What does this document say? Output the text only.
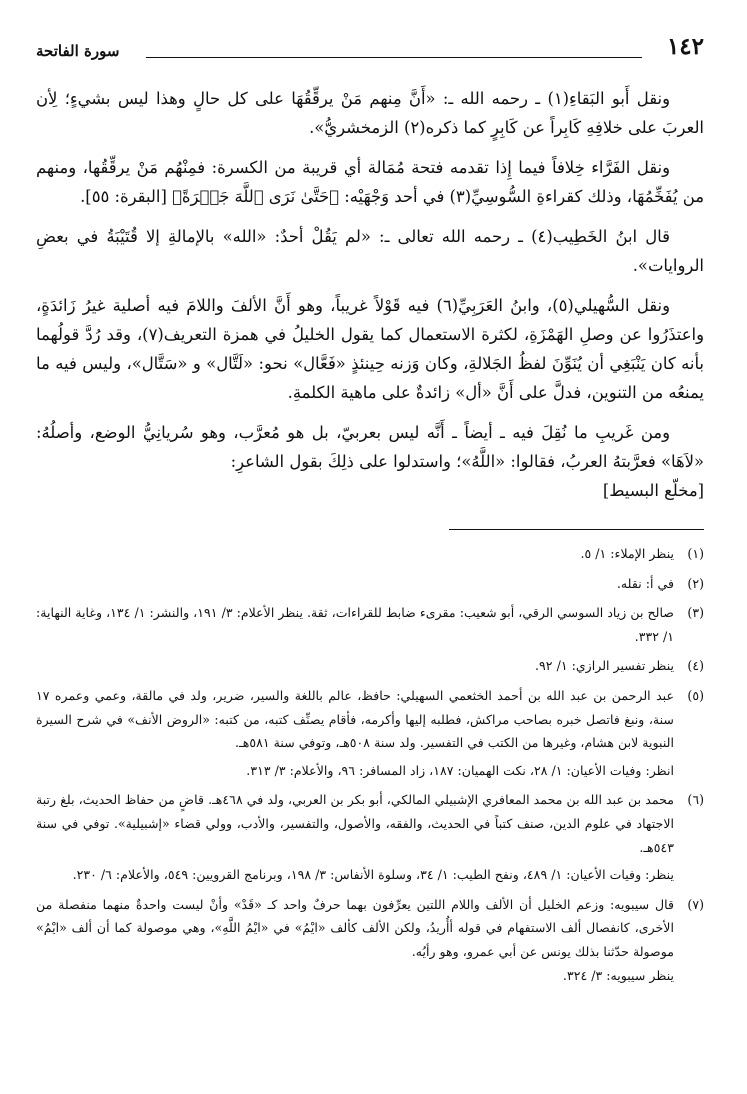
١٤٢
سورة الفاتحة

ونقل أَبو البَقاءِ(١) ـ رحمه الله ـ: «أَنَّ مِنهم مَنْ يرقِّقُهَا على كل حالٍ وهذا ليس بشيءٍ؛ لِأن العربَ على خلافِهِ كَابِراً عن كَابِرٍ كما ذكره(٢) الزمخشريُّ».

ونقل الفَرَّاء خِلافاً فيما إِذا تقدمه فتحة مُمَالة أي قريبة من الكسرة: فمِنْهُم مَنْ يرقِّقُها، ومنهم من يُفَخِّمُهَا، وذلك كقراءةِ السُّوسِيِّ(٣) في أحد وَجْهَيْه: ﴿حَتَّىٰ نَرَى ٱللَّهَ جَهۡرَةً﴾ [البقرة: ٥٥].

قال ابنُ الخَطِيب(٤) ـ رحمه الله تعالى ـ: «لم يَقُلْ أحدٌ: «الله» بالإمالةِ إلا قُتَيْبَةُ في بعضِ الروايات».

ونقل السُّهيلي(٥)، وابنُ العَرَبِيِّ(٦) فيه قَوْلاً غريباً، وهو أَنَّ الألفَ واللامَ فيه أصلية غيرُ زَائدَةٍ، واعتذَرُوا عن وصلِ الهَمْزَةِ، لكثرة الاستعمال كما يقول الخليلُ في همزة التعريف(٧)، وقد رُدَّ قولُهما بأنه كان يَنْبَغِي أن يُنَوِّنَ لفظُ الجَلالةِ، وكان وَزنه حِينئذٍ «فَعَّال» نحو: «لَتَّال» و «سَتَّال»، وليس فيه ما يمنعُه من التنوين، فدلَّ على أَنَّ «أل» زائدةٌ على ماهية الكلمةِ.

ومن غَريبِ ما نُقِلَ فيه ـ أيضاً ـ أَنَّه ليس بعربيّ، بل هو مُعرَّب، وهو سُريانِيُّ الوضع، وأصلُهُ: «لاَهَا» فعرَّبتهُ العربُ، فقالوا: «اللَّهُ»؛ واستدلوا على ذلِكَ بقول الشاعرِ:

[مخلّع البسيط]

(١)

ينظر الإملاء: ١/ ٥.

(٢)

في أ: نقله.

(٣)

صالح بن زياد السوسي الرقي، أبو شعيب: مقرىء ضابط للقراءات، ثقة. ينظر الأعلام: ٣/ ١٩١، والنشر: ١/ ١٣٤، وغاية النهاية: ١/ ٣٣٢.

(٤)

ينظر تفسير الرازي: ١/ ٩٢.

(٥)

عبد الرحمن بن عبد الله بن أحمد الخثعمي السهيلي: حافظ، عالم باللغة والسير، ضرير، ولد في مالقة، وعمي وعمره ١٧ سنة، ونبغ فاتصل خبره بصاحب مراكش، فطلبه إليها وأكرمه، فأقام يصنِّف كتبه، من كتبه: «الروض الأنف» في شرح السيرة النبوية لابن هشام، وغيرها من الكتب في التفسير. ولد سنة ٥٠٨هـ، وتوفي سنة ٥٨١هـ.

انظر: وفيات الأعيان: ١/ ٢٨، نكت الهميان: ١٨٧، زاد المسافر: ٩٦، والأعلام: ٣/ ٣١٣.

(٦)

محمد بن عبد الله بن محمد المعافري الإشبيلي المالكي، أبو بكر بن العربي، ولد في ٤٦٨هـ. قاضٍ من حفاظ الحديث، بلغ رتبة الاجتهاد في علوم الدين، صنف كتباً في الحديث، والفقه، والأصول، والتفسير، والأدب، وولي قضاء «إشبيلية». توفي في سنة ٥٤٣هـ.

ينظر: وفيات الأعيان: ١/ ٤٨٩، ونفح الطيب: ١/ ٣٤، وسلوة الأنفاس: ٣/ ١٩٨، وبرنامج القرويين: ٥٤٩، والأعلام: ٦/ ٢٣٠.

(٧)

قال سيبويه: وزعم الخليل أن الألف واللام اللتين يعرِّفون بهما حرفٌ واحد كـ «قَدْ» وأنْ ليست واحدةٌ منهما منفصلة من الأخرى، كانفصال ألف الاستفهام في قوله أأُريدُ، ولكن الألف كألف «ايْمُ» في «ايْمُ اللَّهِ»، وهي موصولة كما أن ألف «ايْمُ» موصولة حدّثنا بذلك يونس عن أبي عمرو، وهو رأيُه.

ينظر سيبويه: ٣/ ٣٢٤.
